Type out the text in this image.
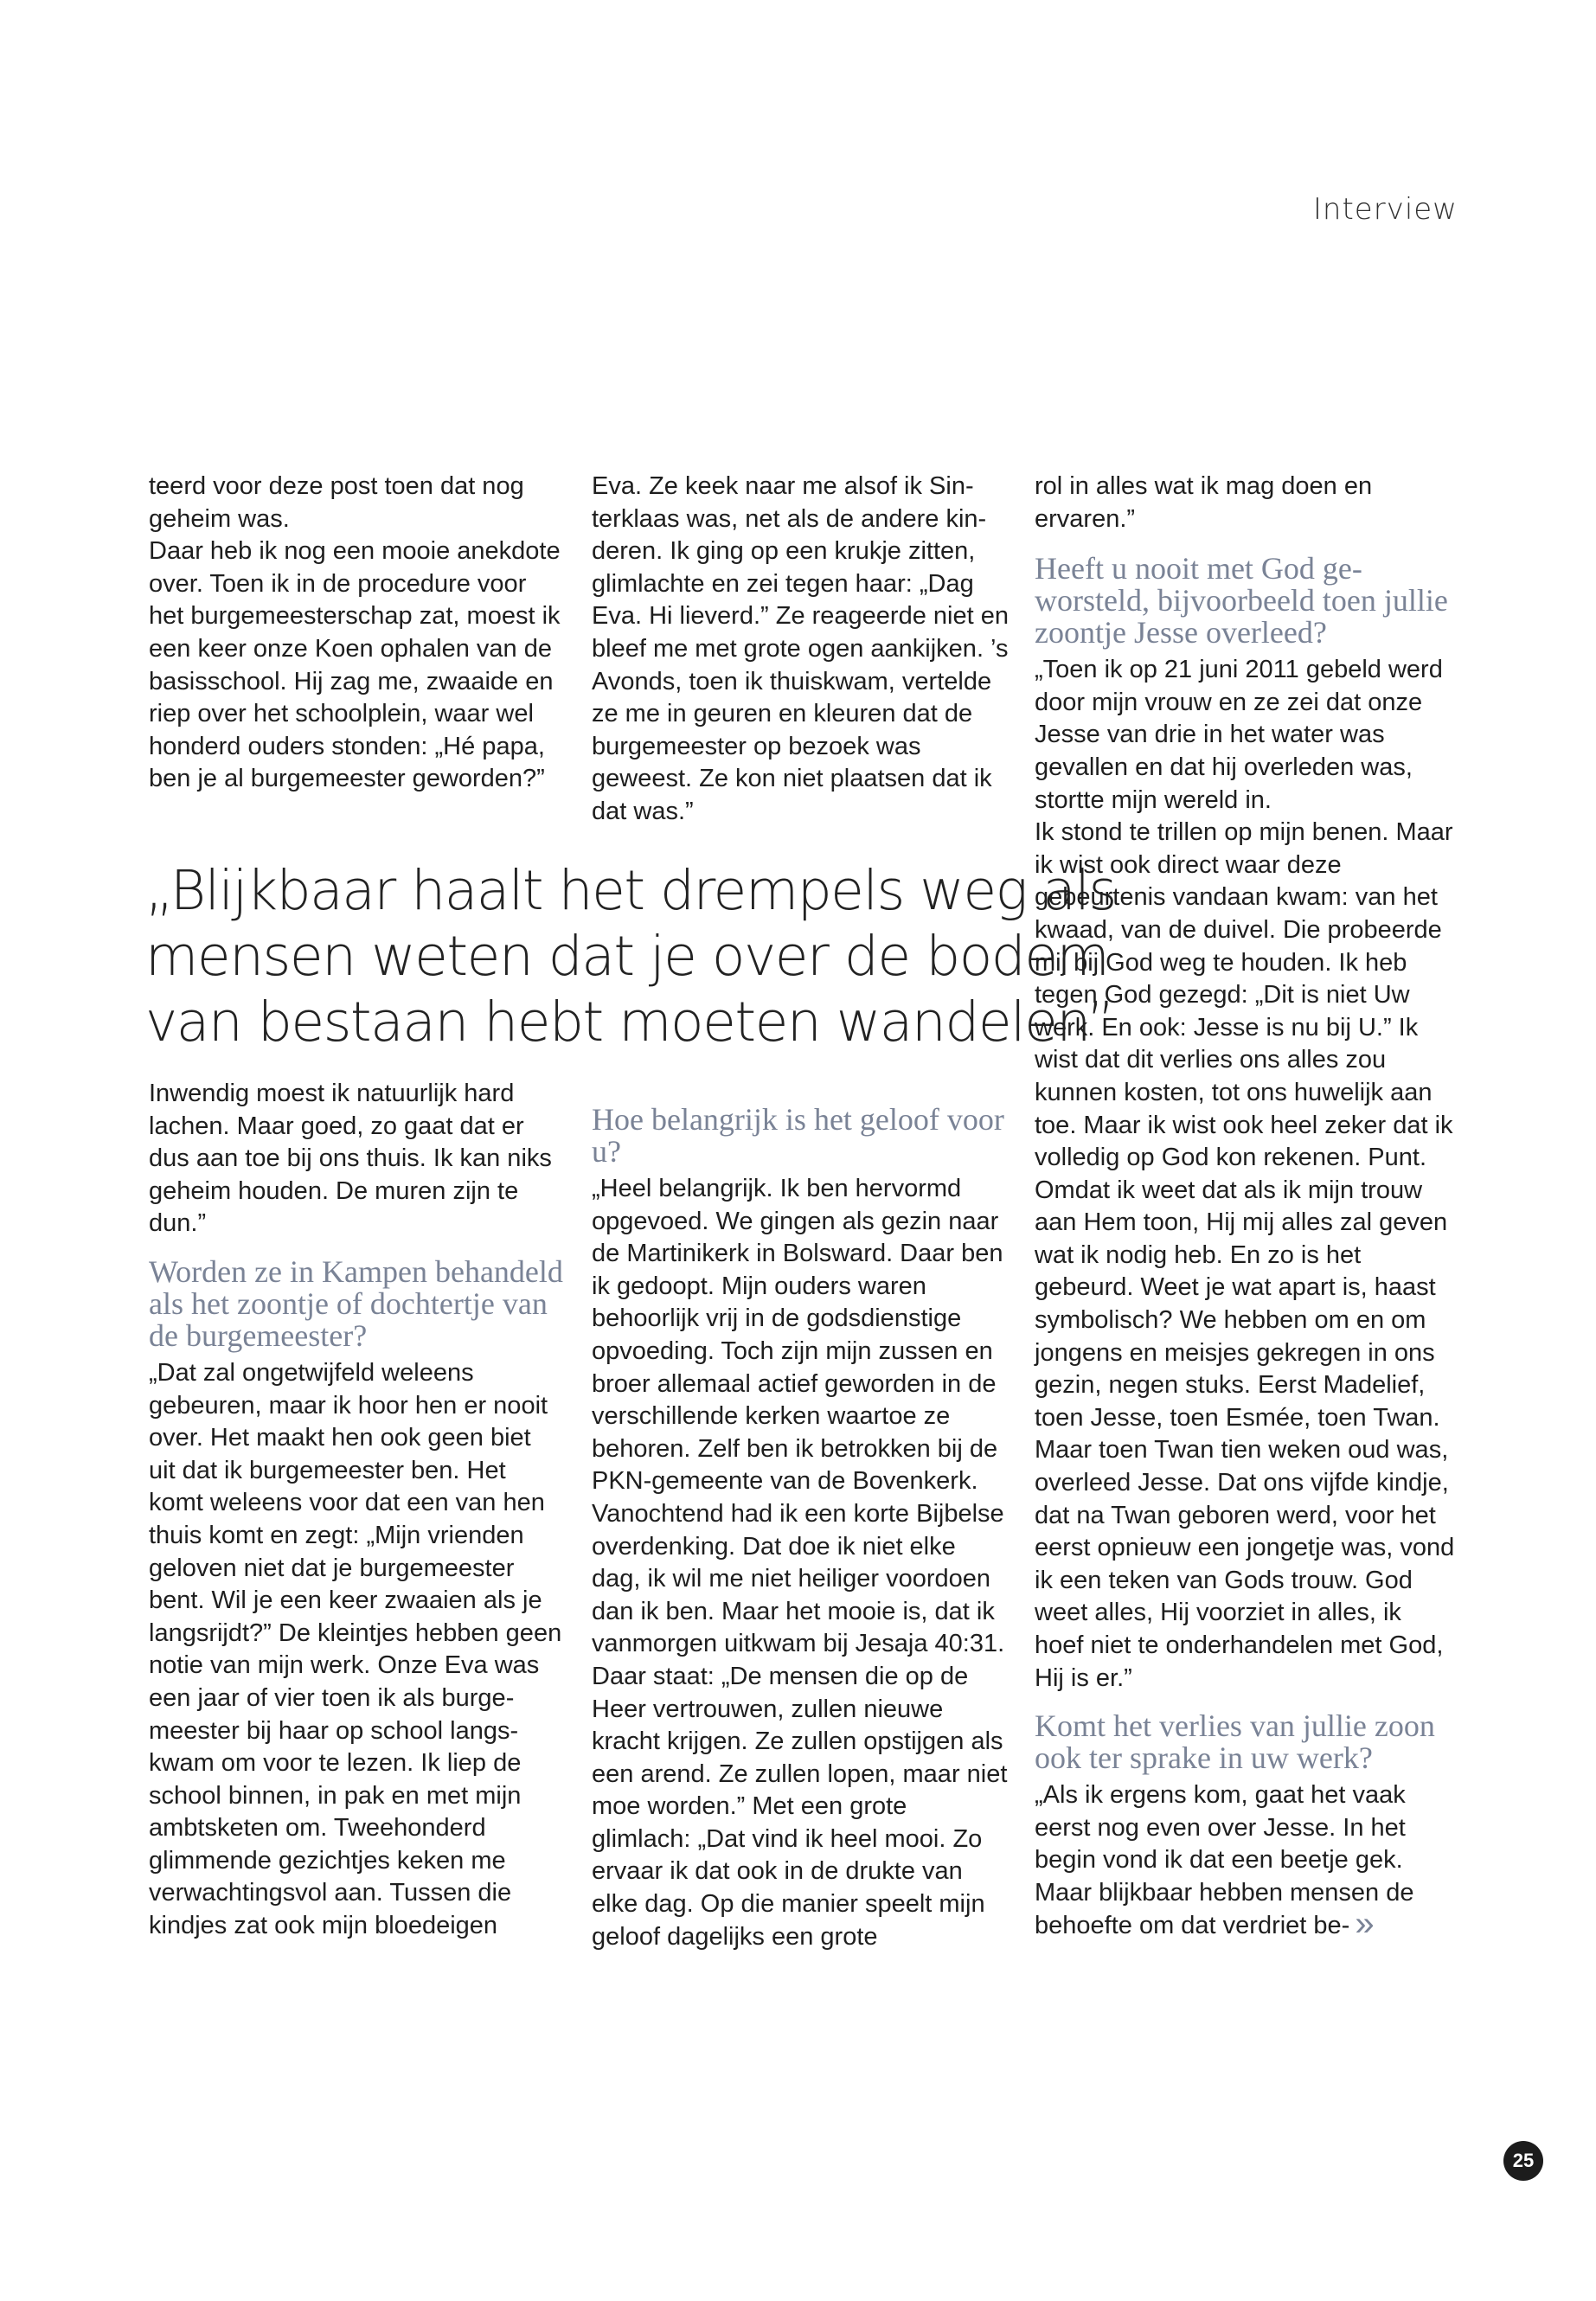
Interview

teerd voor deze post toen dat nog geheim was.

Daar heb ik nog een mooie anekdote over. Toen ik in de procedure voor het burgemeesterschap zat, moest ik een keer onze Koen ophalen van de basisschool. Hij zag me, zwaaide en riep over het schoolplein, waar wel honderd ouders stonden: „Hé papa, ben je al burgemeester geworden?”

Eva. Ze keek naar me alsof ik Sinterklaas was, net als de andere kinderen. Ik ging op een krukje zitten, glimlachte en zei tegen haar: „Dag Eva. Hi lieverd.” Ze reageerde niet en bleef me met grote ogen aankijken. ’s Avonds, toen ik thuiskwam, vertelde ze me in geuren en kleuren dat de burgemeester op bezoek was geweest. Ze kon niet plaatsen dat ik dat was.”

„Blijkbaar haalt het drempels weg als
mensen weten dat je over de bodem
van bestaan hebt moeten wandelen”

Inwendig moest ik natuurlijk hard lachen. Maar goed, zo gaat dat er dus aan toe bij ons thuis. Ik kan niks geheim houden. De muren zijn te dun.”

Worden ze in Kampen behandeld als het zoontje of dochtertje van de burgemeester?

„Dat zal ongetwijfeld weleens gebeuren, maar ik hoor hen er nooit over. Het maakt hen ook geen biet uit dat ik burgemeester ben. Het komt weleens voor dat een van hen thuis komt en zegt: „Mijn vrienden geloven niet dat je burgemeester bent. Wil je een keer zwaaien als je langsrijdt?” De kleintjes hebben geen notie van mijn werk. Onze Eva was een jaar of vier toen ik als burgemeester bij haar op school langskwam om voor te lezen. Ik liep de school binnen, in pak en met mijn ambtsketen om. Tweehonderd glimmende gezichtjes keken me verwachtingsvol aan. Tussen die kindjes zat ook mijn bloedeigen

Hoe belangrijk is het geloof voor u?

„Heel belangrijk. Ik ben hervormd opgevoed. We gingen als gezin naar de Martinikerk in Bolsward. Daar ben ik gedoopt. Mijn ouders waren behoorlijk vrij in de godsdienstige opvoeding. Toch zijn mijn zussen en broer allemaal actief geworden in de verschillende kerken waartoe ze behoren. Zelf ben ik betrokken bij de PKN-gemeente van de Bovenkerk. Vanochtend had ik een korte Bijbelse overdenking. Dat doe ik niet elke dag, ik wil me niet heiliger voordoen dan ik ben. Maar het mooie is, dat ik vanmorgen uitkwam bij Jesaja 40:31. Daar staat: „De mensen die op de Heer vertrouwen, zullen nieuwe kracht krijgen. Ze zullen opstijgen als een arend. Ze zullen lopen, maar niet moe worden.” Met een grote glimlach: „Dat vind ik heel mooi. Zo ervaar ik dat ook in de drukte van elke dag. Op die manier speelt mijn geloof dagelijks een grote

rol in alles wat ik mag doen en ervaren.”

Heeft u nooit met God geworsteld, bijvoorbeeld toen jullie zoontje Jesse overleed?

„Toen ik op 21 juni 2011 gebeld werd door mijn vrouw en ze zei dat onze Jesse van drie in het water was gevallen en dat hij overleden was, stortte mijn wereld in.

Ik stond te trillen op mijn benen. Maar ik wist ook direct waar deze gebeurtenis vandaan kwam: van het kwaad, van de duivel. Die probeerde mij bij God weg te houden. Ik heb tegen God gezegd: „Dit is niet Uw werk. En ook: Jesse is nu bij U.” Ik wist dat dit verlies ons alles zou kunnen kosten, tot ons huwelijk aan toe. Maar ik wist ook heel zeker dat ik volledig op God kon rekenen. Punt. Omdat ik weet dat als ik mijn trouw aan Hem toon, Hij mij alles zal geven wat ik nodig heb. En zo is het gebeurd. Weet je wat apart is, haast symbolisch? We hebben om en om jongens en meisjes gekregen in ons gezin, negen stuks. Eerst Madelief, toen Jesse, toen Esmée, toen Twan. Maar toen Twan tien weken oud was, overleed Jesse. Dat ons vijfde kindje, dat na Twan geboren werd, voor het eerst opnieuw een jongetje was, vond ik een teken van Gods trouw. God weet alles, Hij voorziet in alles, ik hoef niet te onderhandelen met God, Hij is er.”

Komt het verlies van jullie zoon ook ter sprake in uw werk?

„Als ik ergens kom, gaat het vaak eerst nog even over Jesse. In het begin vond ik dat een beetje gek. Maar blijkbaar hebben mensen de behoefte om dat verdriet be- »

25
